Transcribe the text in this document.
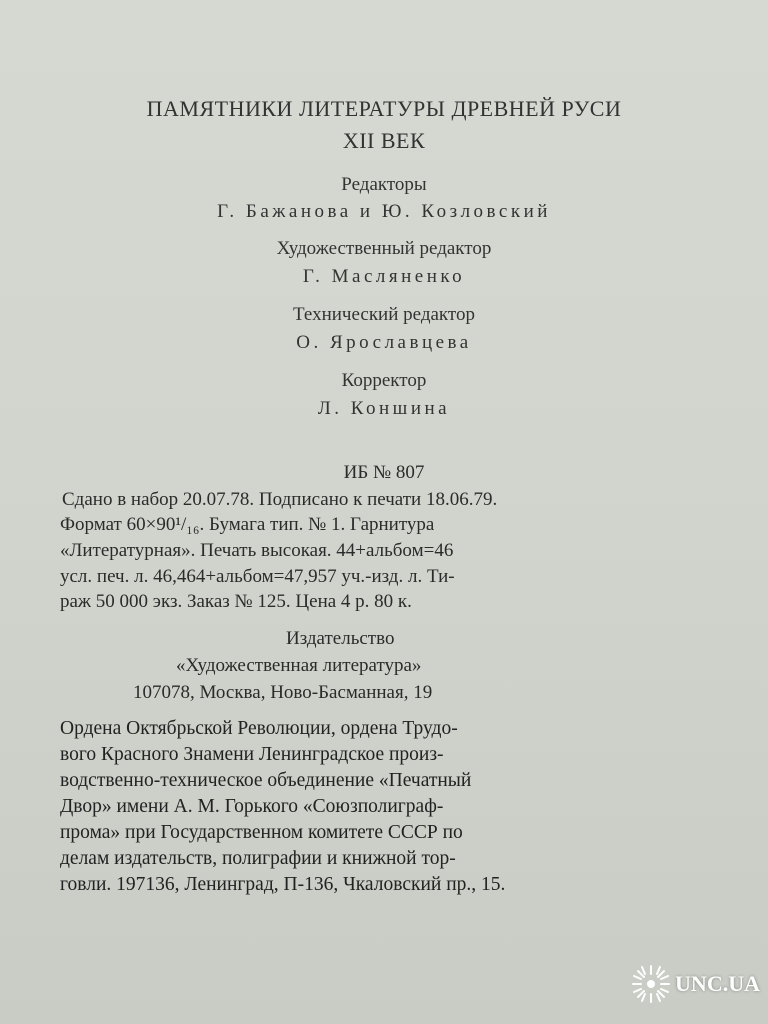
ПАМЯТНИКИ ЛИТЕРАТУРЫ ДРЕВНЕЙ РУСИ
XII ВЕК
Редакторы
Г. Бажанова и Ю. Козловский
Художественный редактор
Г. Масляненко
Технический редактор
О. Ярославцева
Корректор
Л. Коншина
ИБ № 807
Сдано в набор 20.07.78. Подписано к печати 18.06.79.
Формат 60×90¹/₁₆. Бумага тип. № 1. Гарнитура
«Литературная». Печать высокая. 44+альбом=46
усл. печ. л. 46,464+альбом=47,957 уч.-изд. л. Ти-
раж 50 000 экз. Заказ № 125. Цена 4 р. 80 к.
Издательство
«Художественная литература»
107078, Москва, Ново-Басманная, 19
Ордена Октябрьской Революции, ордена Трудо-
вого Красного Знамени Ленинградское произ-
водственно-техническое объединение «Печатный
Двор» имени А. М. Горького «Союзполиграф-
прома» при Государственном комитете СССР по
делам издательств, полиграфии и книжной тор-
говли. 197136, Ленинград, П-136, Чкаловский пр., 15.
UNC.UA
